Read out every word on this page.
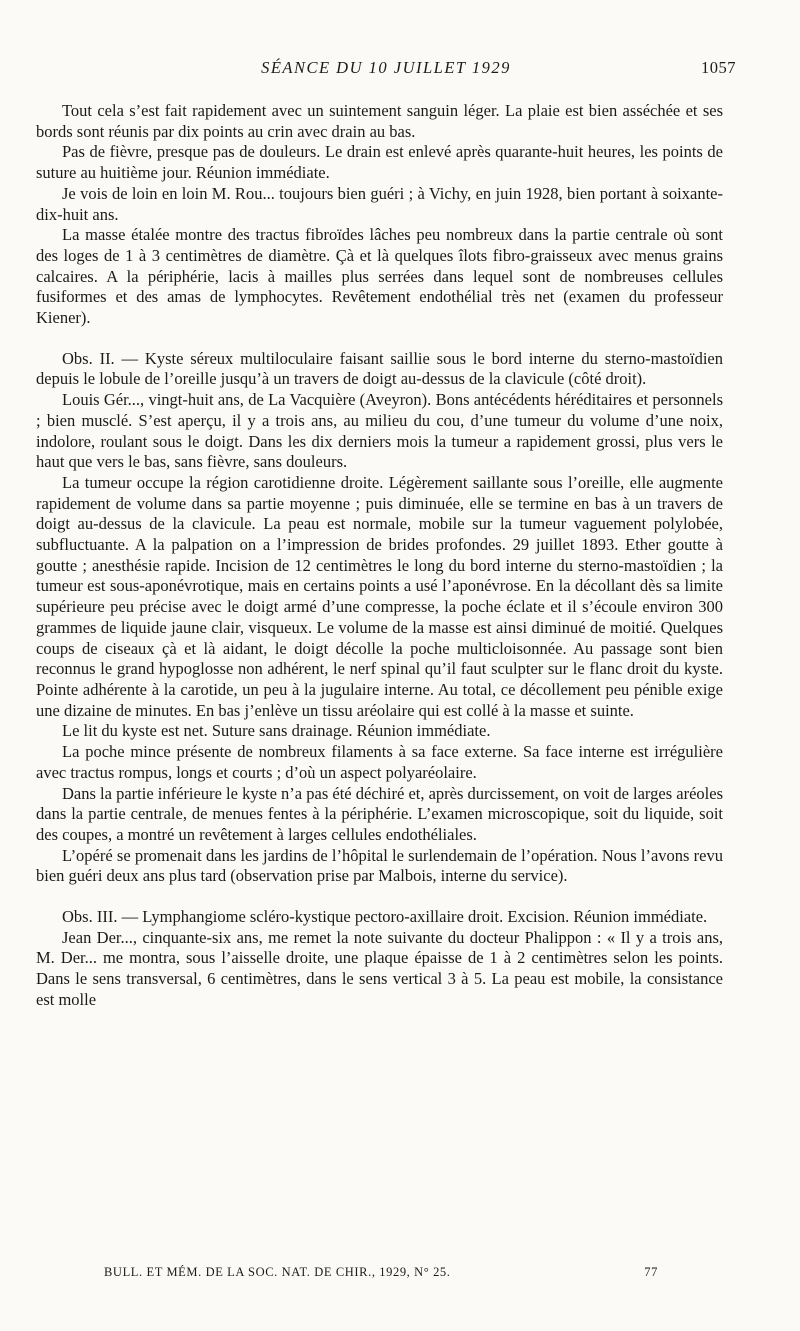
SÉANCE DU 10 JUILLET 1929	1057

Tout cela s’est fait rapidement avec un suintement sanguin léger. La plaie est bien asséchée et ses bords sont réunis par dix points au crin avec drain au bas.

Pas de fièvre, presque pas de douleurs. Le drain est enlevé après quarante-huit heures, les points de suture au huitième jour. Réunion immédiate.

Je vois de loin en loin M. Rou... toujours bien guéri ; à Vichy, en juin 1928, bien portant à soixante-dix-huit ans.

La masse étalée montre des tractus fibroïdes lâches peu nombreux dans la partie centrale où sont des loges de 1 à 3 centimètres de diamètre. Çà et là quelques îlots fibro-graisseux avec menus grains calcaires. A la périphérie, lacis à mailles plus serrées dans lequel sont de nombreuses cellules fusiformes et des amas de lymphocytes. Revêtement endothélial très net (examen du professeur Kiener).

Obs. II. — Kyste séreux multiloculaire faisant saillie sous le bord interne du sterno-mastoïdien depuis le lobule de l’oreille jusqu’à un travers de doigt au-dessus de la clavicule (côté droit).

Louis Gér..., vingt-huit ans, de La Vacquière (Aveyron). Bons antécédents héréditaires et personnels ; bien musclé. S’est aperçu, il y a trois ans, au milieu du cou, d’une tumeur du volume d’une noix, indolore, roulant sous le doigt. Dans les dix derniers mois la tumeur a rapidement grossi, plus vers le haut que vers le bas, sans fièvre, sans douleurs.

La tumeur occupe la région carotidienne droite. Légèrement saillante sous l’oreille, elle augmente rapidement de volume dans sa partie moyenne ; puis diminuée, elle se termine en bas à un travers de doigt au-dessus de la clavicule. La peau est normale, mobile sur la tumeur vaguement polylobée, subfluctuante. A la palpation on a l’impression de brides profondes. 29 juillet 1893. Ether goutte à goutte ; anesthésie rapide. Incision de 12 centimètres le long du bord interne du sterno-mastoïdien ; la tumeur est sous-aponévrotique, mais en certains points a usé l’aponévrose. En la décollant dès sa limite supérieure peu précise avec le doigt armé d’une compresse, la poche éclate et il s’écoule environ 300 grammes de liquide jaune clair, visqueux. Le volume de la masse est ainsi diminué de moitié. Quelques coups de ciseaux çà et là aidant, le doigt décolle la poche multicloisonnée. Au passage sont bien reconnus le grand hypoglosse non adhérent, le nerf spinal qu’il faut sculpter sur le flanc droit du kyste. Pointe adhérente à la carotide, un peu à la jugulaire interne. Au total, ce décollement peu pénible exige une dizaine de minutes. En bas j’enlève un tissu aréolaire qui est collé à la masse et suinte.

Le lit du kyste est net. Suture sans drainage. Réunion immédiate.

La poche mince présente de nombreux filaments à sa face externe. Sa face interne est irrégulière avec tractus rompus, longs et courts ; d’où un aspect polyaréolaire.

Dans la partie inférieure le kyste n’a pas été déchiré et, après durcissement, on voit de larges aréoles dans la partie centrale, de menues fentes à la périphérie. L’examen microscopique, soit du liquide, soit des coupes, a montré un revêtement à larges cellules endothéliales.

L’opéré se promenait dans les jardins de l’hôpital le surlendemain de l’opération. Nous l’avons revu bien guéri deux ans plus tard (observation prise par Malbois, interne du service).

Obs. III. — Lymphangiome scléro-kystique pectoro-axillaire droit. Excision. Réunion immédiate.

Jean Der..., cinquante-six ans, me remet la note suivante du docteur Phalippon : « Il y a trois ans, M. Der... me montra, sous l’aisselle droite, une plaque épaisse de 1 à 2 centimètres selon les points. Dans le sens transversal, 6 centimètres, dans le sens vertical 3 à 5. La peau est mobile, la consistance est molle

BULL. ET MÉM. DE LA SOC. NAT. DE CHIR., 1929, N° 25.	77
